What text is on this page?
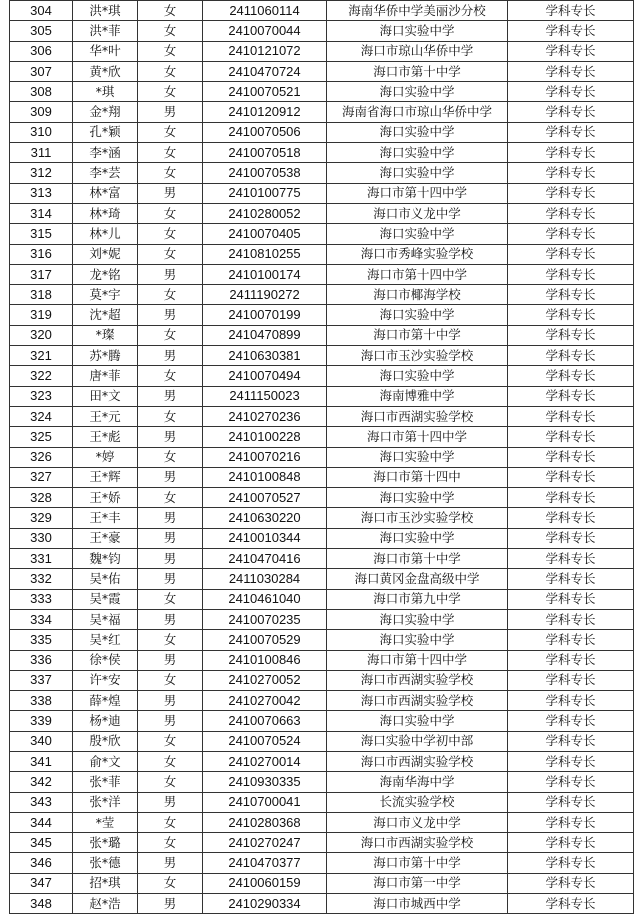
304	洪*琪	女	2411060114	海南华侨中学美丽沙分校	学科专长
305	洪*菲	女	2410070044	海口实验中学	学科专长
306	华*叶	女	2410121072	海口市琼山华侨中学	学科专长
307	黄*欣	女	2410470724	海口市第十中学	学科专长
308	*琪	女	2410070521	海口实验中学	学科专长
309	金*翔	男	2410120912	海南省海口市琼山华侨中学	学科专长
310	孔*颖	女	2410070506	海口实验中学	学科专长
311	李*涵	女	2410070518	海口实验中学	学科专长
312	李*芸	女	2410070538	海口实验中学	学科专长
313	林*富	男	2410100775	海口市第十四中学	学科专长
314	林*琦	女	2410280052	海口市义龙中学	学科专长
315	林*儿	女	2410070405	海口实验中学	学科专长
316	刘*妮	女	2410810255	海口市秀峰实验学校	学科专长
317	龙*铭	男	2410100174	海口市第十四中学	学科专长
318	莫*宇	女	2411190272	海口市椰海学校	学科专长
319	沈*超	男	2410070199	海口实验中学	学科专长
320	*璨	女	2410470899	海口市第十中学	学科专长
321	苏*腾	男	2410630381	海口市玉沙实验学校	学科专长
322	唐*菲	女	2410070494	海口实验中学	学科专长
323	田*文	男	2411150023	海南博雅中学	学科专长
324	王*元	女	2410270236	海口市西湖实验学校	学科专长
325	王*彪	男	2410100228	海口市第十四中学	学科专长
326	*婷	女	2410070216	海口实验中学	学科专长
327	王*辉	男	2410100848	海口市第十四中	学科专长
328	王*娇	女	2410070527	海口实验中学	学科专长
329	王*丰	男	2410630220	海口市玉沙实验学校	学科专长
330	王*豪	男	2410010344	海口实验中学	学科专长
331	魏*钧	男	2410470416	海口市第十中学	学科专长
332	吴*佑	男	2411030284	海口黄冈金盘高级中学	学科专长
333	吴*霞	女	2410461040	海口市第九中学	学科专长
334	吴*福	男	2410070235	海口实验中学	学科专长
335	吴*红	女	2410070529	海口实验中学	学科专长
336	徐*侯	男	2410100846	海口市第十四中学	学科专长
337	许*安	女	2410270052	海口市西湖实验学校	学科专长
338	薛*煌	男	2410270042	海口市西湖实验学校	学科专长
339	杨*迪	男	2410070663	海口实验中学	学科专长
340	殷*欣	女	2410070524	海口实验中学初中部	学科专长
341	俞*文	女	2410270014	海口市西湖实验学校	学科专长
342	张*菲	女	2410930335	海南华海中学	学科专长
343	张*洋	男	2410700041	长流实验学校	学科专长
344	*莹	女	2410280368	海口市义龙中学	学科专长
345	张*璐	女	2410270247	海口市西湖实验学校	学科专长
346	张*德	男	2410470377	海口市第十中学	学科专长
347	招*琪	女	2410060159	海口市第一中学	学科专长
348	赵*浩	男	2410290334	海口市城西中学	学科专长
